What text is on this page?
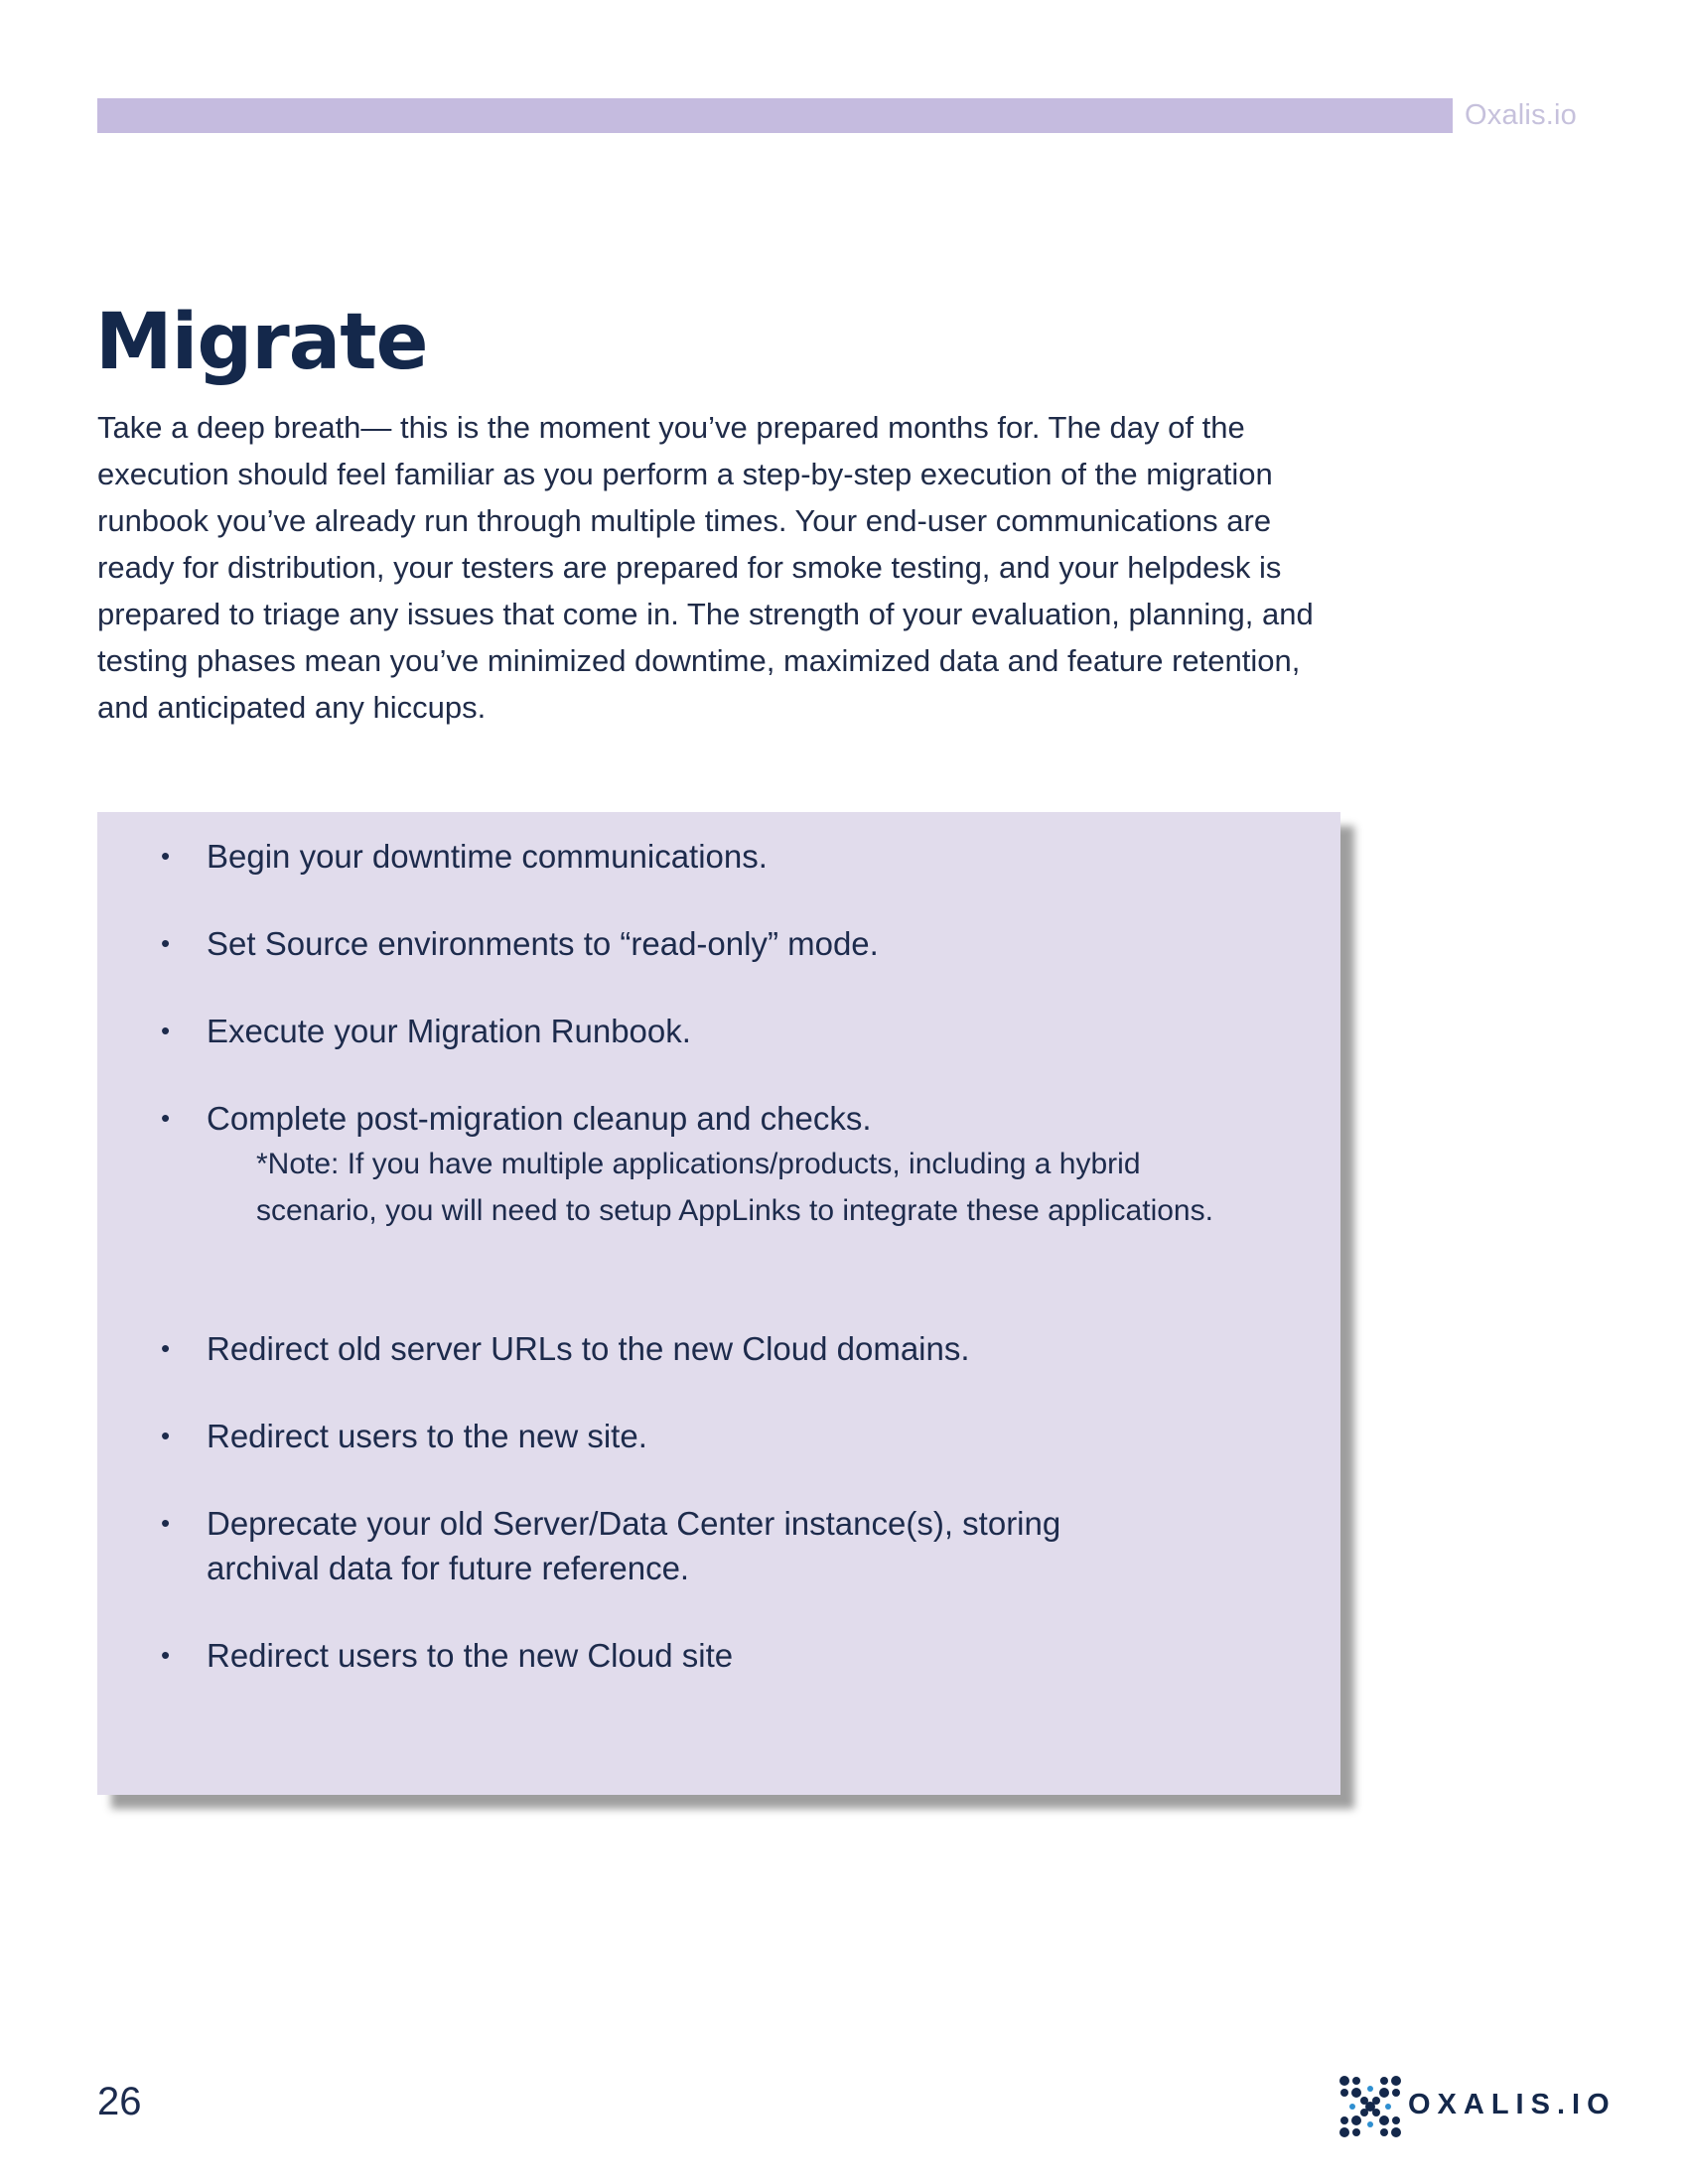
Oxalis.io
Migrate

Take a deep breath— this is the moment you’ve prepared months for. The day of the execution should feel familiar as you perform a step-by-step execution of the migration runbook you’ve already run through multiple times. Your end-user communications are ready for distribution, your testers are prepared for smoke testing, and your helpdesk is prepared to triage any issues that come in. The strength of your evaluation, planning, and testing phases mean you’ve minimized downtime, maximized data and feature retention, and anticipated any hiccups.

• Begin your downtime communications.
• Set Source environments to “read-only” mode.
• Execute your Migration Runbook.
• Complete post-migration cleanup and checks.
*Note: If you have multiple applications/products, including a hybrid scenario, you will need to setup AppLinks to integrate these applications.
• Redirect old server URLs to the new Cloud domains.
• Redirect users to the new site.
• Deprecate your old Server/Data Center instance(s), storing archival data for future reference.
• Redirect users to the new Cloud site
26	OXALIS.IO
